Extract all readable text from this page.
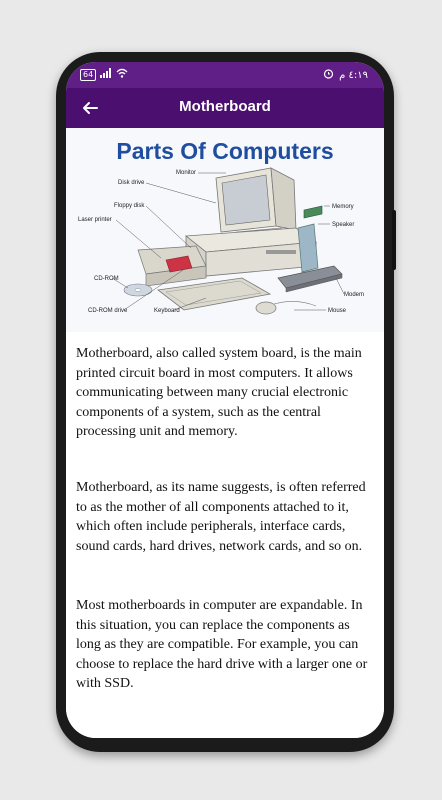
64	٤:١٩ م
Motherboard
Parts Of Computers
Monitor
Disk drive
Floppy disk
Laser printer
CD-ROM
CD-ROM drive	Keyboard
Memory
Speaker
Modem
Mouse
Motherboard, also called system board, is the main printed circuit board in most computers. It allows communicating between many crucial electronic components of a system, such as the central processing unit and memory.
Motherboard, as its name suggests, is often referred to as the mother of all components attached to it, which often include peripherals, interface cards, sound cards, hard drives, network cards, and so on.
Most motherboards in computer are expandable. In this situation, you can replace the components as long as they are compatible. For example, you can choose to replace the hard drive with a larger one or with SSD.
